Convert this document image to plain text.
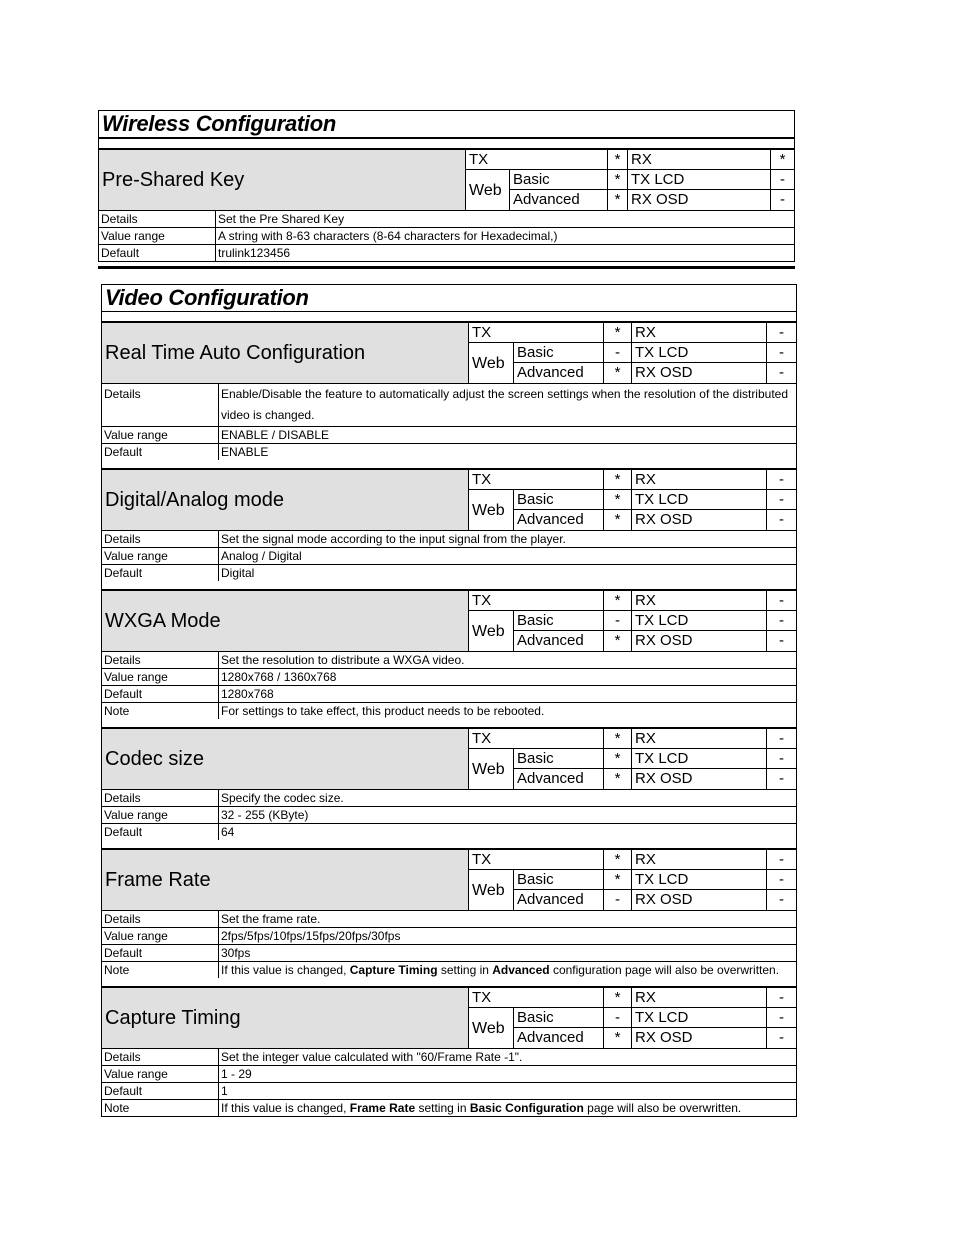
Wireless Configuration
Pre-Shared Key
TX	* RX	*
Web
Basic	* TX LCD	-
Advanced	* RX OSD	-
Details	Set the Pre Shared Key
Value range	A string with 8-63 characters (8-64 characters for Hexadecimal,)
Default	trulink123456
Video Configuration
Real Time Auto Configuration
TX	* RX	-
Web
Basic	-	TX LCD	-
Advanced	* RX OSD	-
Details	Enable/Disable the feature to automatically adjust the screen settings when the resolution of the distributed video is changed.
Value range	ENABLE / DISABLE
Default	ENABLE
Digital/Analog mode
TX	* RX	-
Web
Basic	* TX LCD	-
Advanced	* RX OSD	-
Details	Set the signal mode according to the input signal from the player.
Value range	Analog / Digital
Default	Digital
WXGA Mode
TX	* RX	-
Web
Basic	-	TX LCD	-
Advanced	* RX OSD	-
Details	Set the resolution to distribute a WXGA video.
Value range	1280x768 / 1360x768
Default	1280x768
Note	For settings to take effect, this product needs to be rebooted.
Codec size
TX	* RX	-
Web
Basic	* TX LCD	-
Advanced	* RX OSD	-
Details	Specify the codec size.
Value range	32 - 255 (KByte)
Default	64
Frame Rate
TX	* RX	-
Web
Basic	* TX LCD	-
Advanced	-	RX OSD	-
Details	Set the frame rate.
Value range	2fps/5fps/10fps/15fps/20fps/30fps
Default	30fps
Note	If this value is changed, Capture Timing setting in Advanced configuration page will also be overwritten.
Capture Timing
TX	* RX	-
Web
Basic	-	TX LCD	-
Advanced	* RX OSD	-
Details	Set the integer value calculated with "60/Frame Rate -1".
Value range	1 - 29
Default	1
Note	If this value is changed, Frame Rate setting in Basic Configuration page will also be overwritten.
